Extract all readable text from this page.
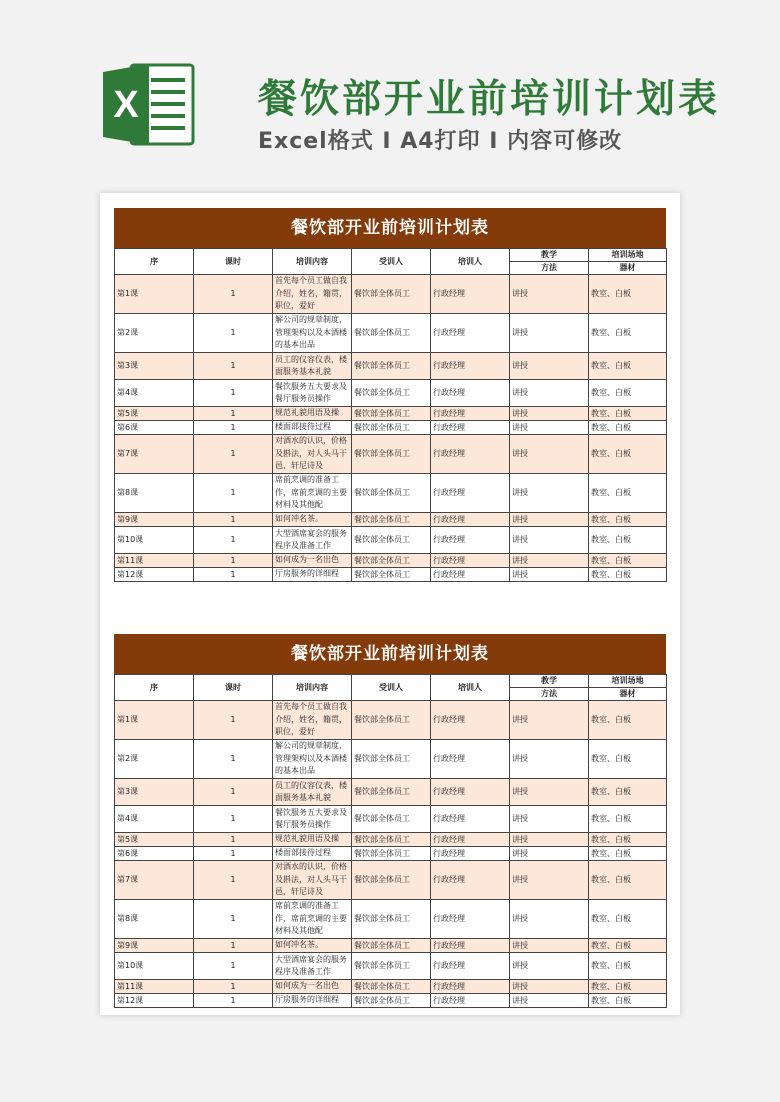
X	餐饮部开业前培训计划表
Excel格式 Ⅰ A4打印 Ⅰ 内容可修改
餐饮部开业前培训计划表
序	课时	培训内容	受训人	培训人	教学	培训场地
					方法	器材
第1课	1	首先每个员工做自我介绍，姓名，籍贯，职位，爱好	餐饮部全体员工	行政经理	讲授	教室、白板
第2课	1	解公司的规章制度，管理架构以及本酒楼的基本出品	餐饮部全体员工	行政经理	讲授	教室、白板
第3课	1	员工的仪容仪表，楼面服务基本礼貌	餐饮部全体员工	行政经理	讲授	教室、白板
第4课	1	餐饮服务五大要求及餐厅服务员操作	餐饮部全体员工	行政经理	讲授	教室、白板
第5课	1	规范礼貌用语及操	餐饮部全体员工	行政经理	讲授	教室、白板
第6课	1	楼面部接待过程	餐饮部全体员工	行政经理	讲授	教室、白板
第7课	1	对酒水的认识，价格及斟法，对人头马干邑，轩尼诗及	餐饮部全体员工	行政经理	讲授	教室、白板
第8课	1	席前烹调的准备工作，席前烹调的主要材料及其他配	餐饮部全体员工	行政经理	讲授	教室、白板
第9课	1	如何冲名茶。	餐饮部全体员工	行政经理	讲授	教室、白板
第10课	1	大型酒席宴会的服务程序及准备工作	餐饮部全体员工	行政经理	讲授	教室、白板
第11课	1	如何成为一名出色	餐饮部全体员工	行政经理	讲授	教室、白板
第12课	1	厅房服务的详细程	餐饮部全体员工	行政经理	讲授	教室、白板
餐饮部开业前培训计划表
序	课时	培训内容	受训人	培训人	教学	培训场地
					方法	器材
第1课	1	首先每个员工做自我介绍，姓名，籍贯，职位，爱好	餐饮部全体员工	行政经理	讲授	教室、白板
第2课	1	解公司的规章制度，管理架构以及本酒楼的基本出品	餐饮部全体员工	行政经理	讲授	教室、白板
第3课	1	员工的仪容仪表，楼面服务基本礼貌	餐饮部全体员工	行政经理	讲授	教室、白板
第4课	1	餐饮服务五大要求及餐厅服务员操作	餐饮部全体员工	行政经理	讲授	教室、白板
第5课	1	规范礼貌用语及操	餐饮部全体员工	行政经理	讲授	教室、白板
第6课	1	楼面部接待过程	餐饮部全体员工	行政经理	讲授	教室、白板
第7课	1	对酒水的认识，价格及斟法，对人头马干邑，轩尼诗及	餐饮部全体员工	行政经理	讲授	教室、白板
第8课	1	席前烹调的准备工作，席前烹调的主要材料及其他配	餐饮部全体员工	行政经理	讲授	教室、白板
第9课	1	如何冲名茶。	餐饮部全体员工	行政经理	讲授	教室、白板
第10课	1	大型酒席宴会的服务程序及准备工作	餐饮部全体员工	行政经理	讲授	教室、白板
第11课	1	如何成为一名出色	餐饮部全体员工	行政经理	讲授	教室、白板
第12课	1	厅房服务的详细程	餐饮部全体员工	行政经理	讲授	教室、白板
